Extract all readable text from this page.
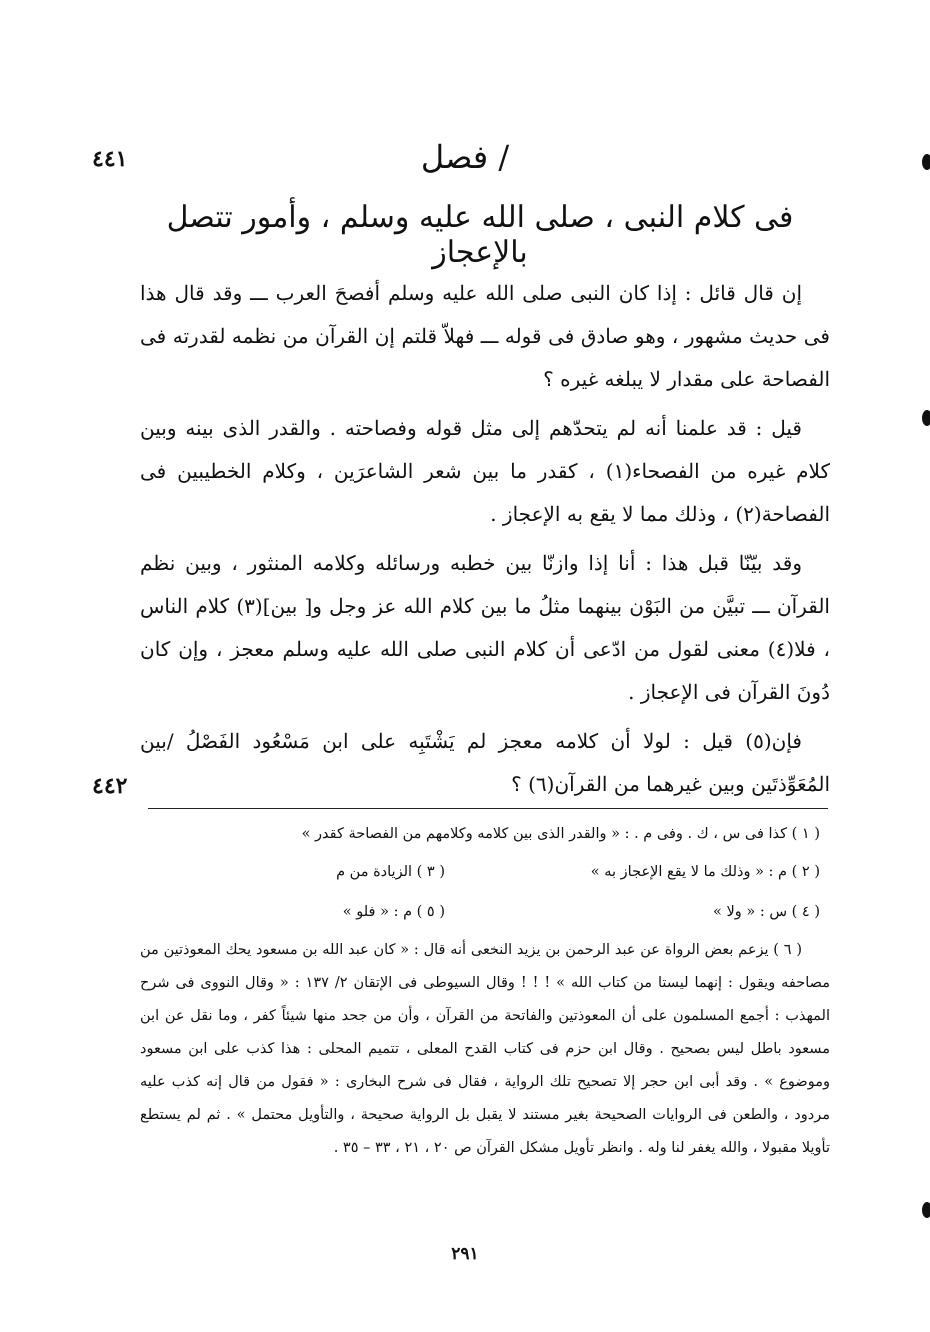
٤٤١
٤٤٢
/ فصل
فى كلام النبى ، صلى الله عليه وسلم ، وأمور تتصل بالإعجاز

إن قال قائل : إذا كان النبى صلى الله عليه وسلم أفصحَ العرب ـــ وقد قال هذا فى حديث مشهور ، وهو صادق فى قوله ـــ فهلاّ قلتم إن القرآن من نظمه لقدرته فى الفصاحة على مقدار لا يبلغه غيره ؟

قيل : قد علمنا أنه لم يتحدّهم إلى مثل قوله وفصاحته . والقدر الذى بينه وبين كلام غيره من الفصحاء(١) ، كقدر ما بين شعر الشاعرَين ، وكلام الخطيبين فى الفصاحة(٢) ، وذلك مما لا يقع به الإعجاز .

وقد بيّنّا قبل هذا : أنا إذا وازنّا بين خطبه ورسائله وكلامه المنثور ، وبين نظم القرآن ـــ تبيَّن من البَوْن بينهما مثلُ ما بين كلام الله عز وجل و[ بين](٣) كلام الناس ، فلا(٤) معنى لقول من ادّعى أن كلام النبى صلى الله عليه وسلم معجز ، وإن كان دُونَ القرآن فى الإعجاز .

فإن(٥) قيل : لولا أن كلامه معجز لم يَشْتَبِه على ابن مَسْعُود الفَصْلُ /بين المُعَوِّذتَين وبين غيرهما من القرآن(٦) ؟

( ١ ) كذا فى س ، ك . وفى م . : « والقدر الذى بين كلامه وكلامهم من الفصاحة كقدر »
( ٢ ) م : « وذلك ما لا يقع الإعجاز به »
( ٣ ) الزيادة من م
( ٤ ) س : « ولا »
( ٥ ) م : « فلو »

( ٦ ) يزعم بعض الرواة عن عبد الرحمن بن يزيد النخعى أنه قال : « كان عبد الله بن مسعود يحك المعوذتين من مصاحفه ويقول : إنهما ليستا من كتاب الله » ! ! ! وقال السيوطى فى الإتقان ٢/ ١٣٧ : « وقال النووى فى شرح المهذب : أجمع المسلمون على أن المعوذتين والفاتحة من القرآن ، وأن من جحد منها شيئاً كفر ، وما نقل عن ابن مسعود باطل ليس بصحيح . وقال ابن حزم فى كتاب القدح المعلى ، تتميم المحلى : هذا كذب على ابن مسعود وموضوع » . وقد أبى ابن حجر إلا تصحيح تلك الرواية ، فقال فى شرح البخارى : « فقول من قال إنه كذب عليه مردود ، والطعن فى الروايات الصحيحة بغير مستند لا يقبل بل الرواية صحيحة ، والتأويل محتمل » . ثم لم يستطع تأويلا مقبولا ، والله يغفر لنا وله . وانظر تأويل مشكل القرآن ص ٢٠ ، ٢١ ، ٣٣ – ٣٥ .

٢٩١
